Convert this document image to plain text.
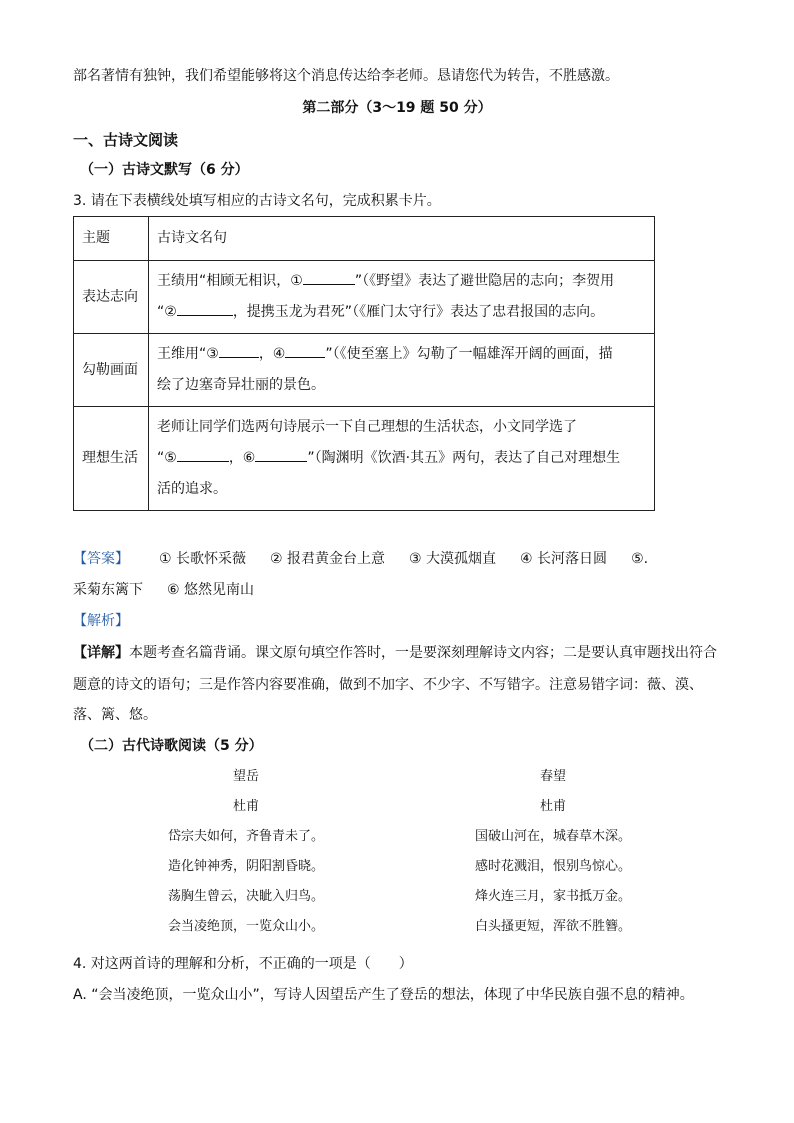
部名著情有独钟，我们希望能够将这个消息传达给李老师。恳请您代为转告，不胜感激。
第二部分（3～19 题 50 分）
一、古诗文阅读
（一）古诗文默写（6 分）
3. 请在下表横线处填写相应的古诗文名句，完成积累卡片。
主题	古诗文名句
表达志向	王绩用“相顾无相识，① ”（《野望》表达了避世隐居的志向；李贺用
“② ，提携玉龙为君死”（《雁门太守行》表达了忠君报国的志向。

勾勒画面	王维用“③ ，④ ”（《使至塞上》勾勒了一幅雄浑开阔的画面，描
绘了边塞奇异壮丽的景色。

理想生活	老师让同学们选两句诗展示一下自己理想的生活状态，小文同学选了
“⑤ ，⑥ ”（陶渊明《饮酒·其五》两句，表达了自己对理想生
活的追求。
【答案】 ① 长歌怀采薇 ② 报君黄金台上意 ③ 大漠孤烟直 ④ 长河落日圆 ⑤.
采菊东篱下 ⑥ 悠然见南山
【解析】
【详解】本题考查名篇背诵。课文原句填空作答时，一是要深刻理解诗文内容；二是要认真审题找出符合
题意的诗文的语句；三是作答内容要准确，做到不加字、不少字、不写错字。注意易错字词：薇、漠、
落、篱、悠。
（二）古代诗歌阅读（5 分）
望岳
杜甫
岱宗夫如何，齐鲁青未了。
造化钟神秀，阴阳割昏晓。
荡胸生曾云，决眦入归鸟。
会当凌绝顶，一览众山小。
春望
杜甫
国破山河在，城春草木深。
感时花溅泪，恨别鸟惊心。
烽火连三月，家书抵万金。
白头搔更短，浑欲不胜簪。
4. 对这两首诗的理解和分析，不正确的一项是（　　）
A. “会当凌绝顶，一览众山小”，写诗人因望岳产生了登岳的想法，体现了中华民族自强不息的精神。
